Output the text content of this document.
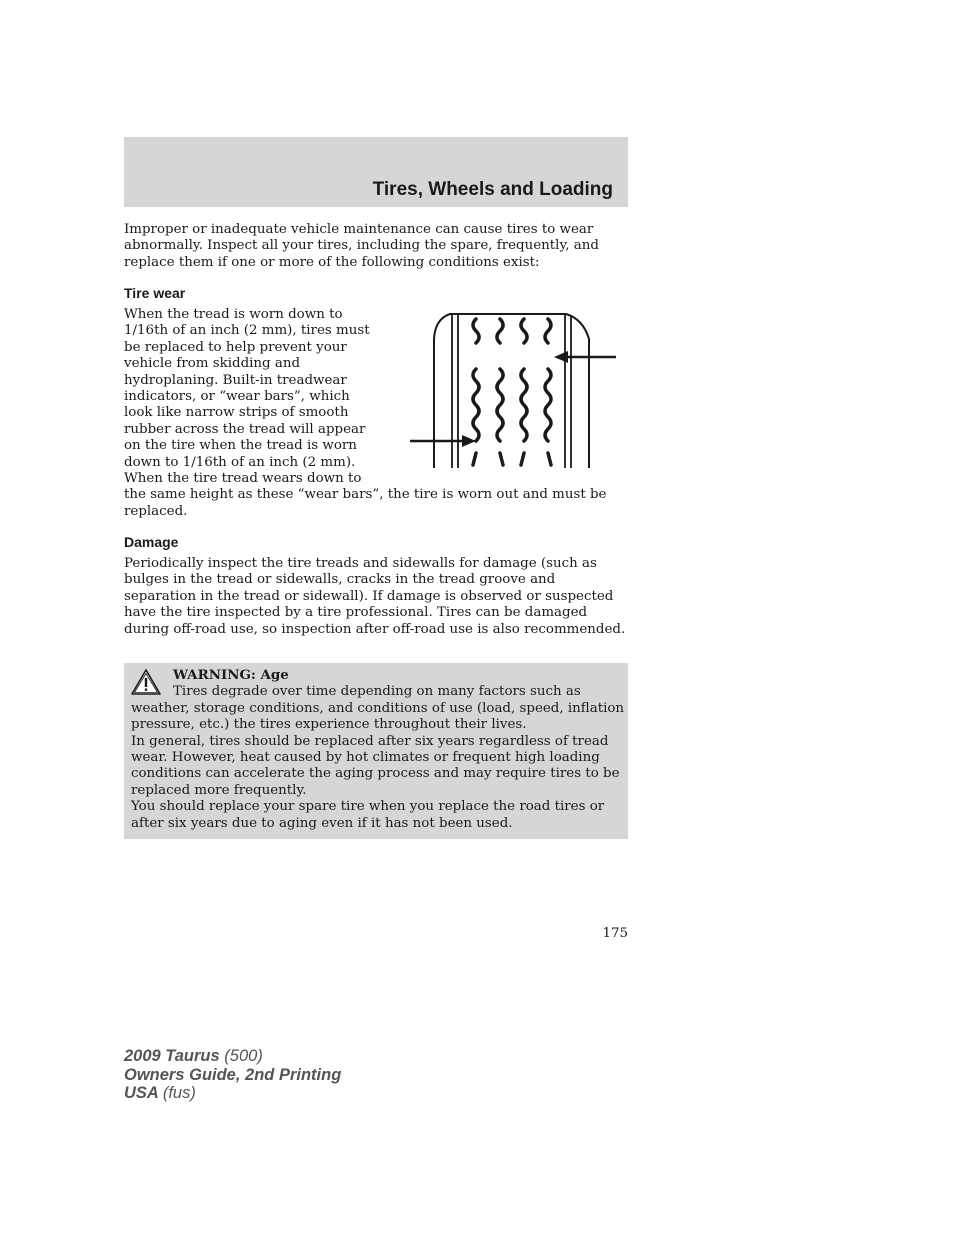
Tires, Wheels and Loading

Improper or inadequate vehicle maintenance can cause tires to wear abnormally. Inspect all your tires, including the spare, frequently, and replace them if one or more of the following conditions exist:

Tire wear
When the tread is worn down to 1/16th of an inch (2 mm), tires must be replaced to help prevent your vehicle from skidding and hydroplaning. Built-in treadwear indicators, or “wear bars”, which look like narrow strips of smooth rubber across the tread will appear on the tire when the tread is worn down to 1/16th of an inch (2 mm). When the tire tread wears down to the same height as these “wear bars”, the tire is worn out and must be replaced.
Damage

Periodically inspect the tire treads and sidewalls for damage (such as bulges in the tread or sidewalls, cracks in the tread groove and separation in the tread or sidewall). If damage is observed or suspected have the tire inspected by a tire professional. Tires can be damaged during off-road use, so inspection after off-road use is also recommended.

WARNING: Age
Tires degrade over time depending on many factors such as weather, storage conditions, and conditions of use (load, speed, inflation pressure, etc.) the tires experience throughout their lives.

In general, tires should be replaced after six years regardless of tread wear. However, heat caused by hot climates or frequent high loading conditions can accelerate the aging process and may require tires to be replaced more frequently.

You should replace your spare tire when you replace the road tires or after six years due to aging even if it has not been used.

175

2009 Taurus (500)
Owners Guide, 2nd Printing
USA (fus)
